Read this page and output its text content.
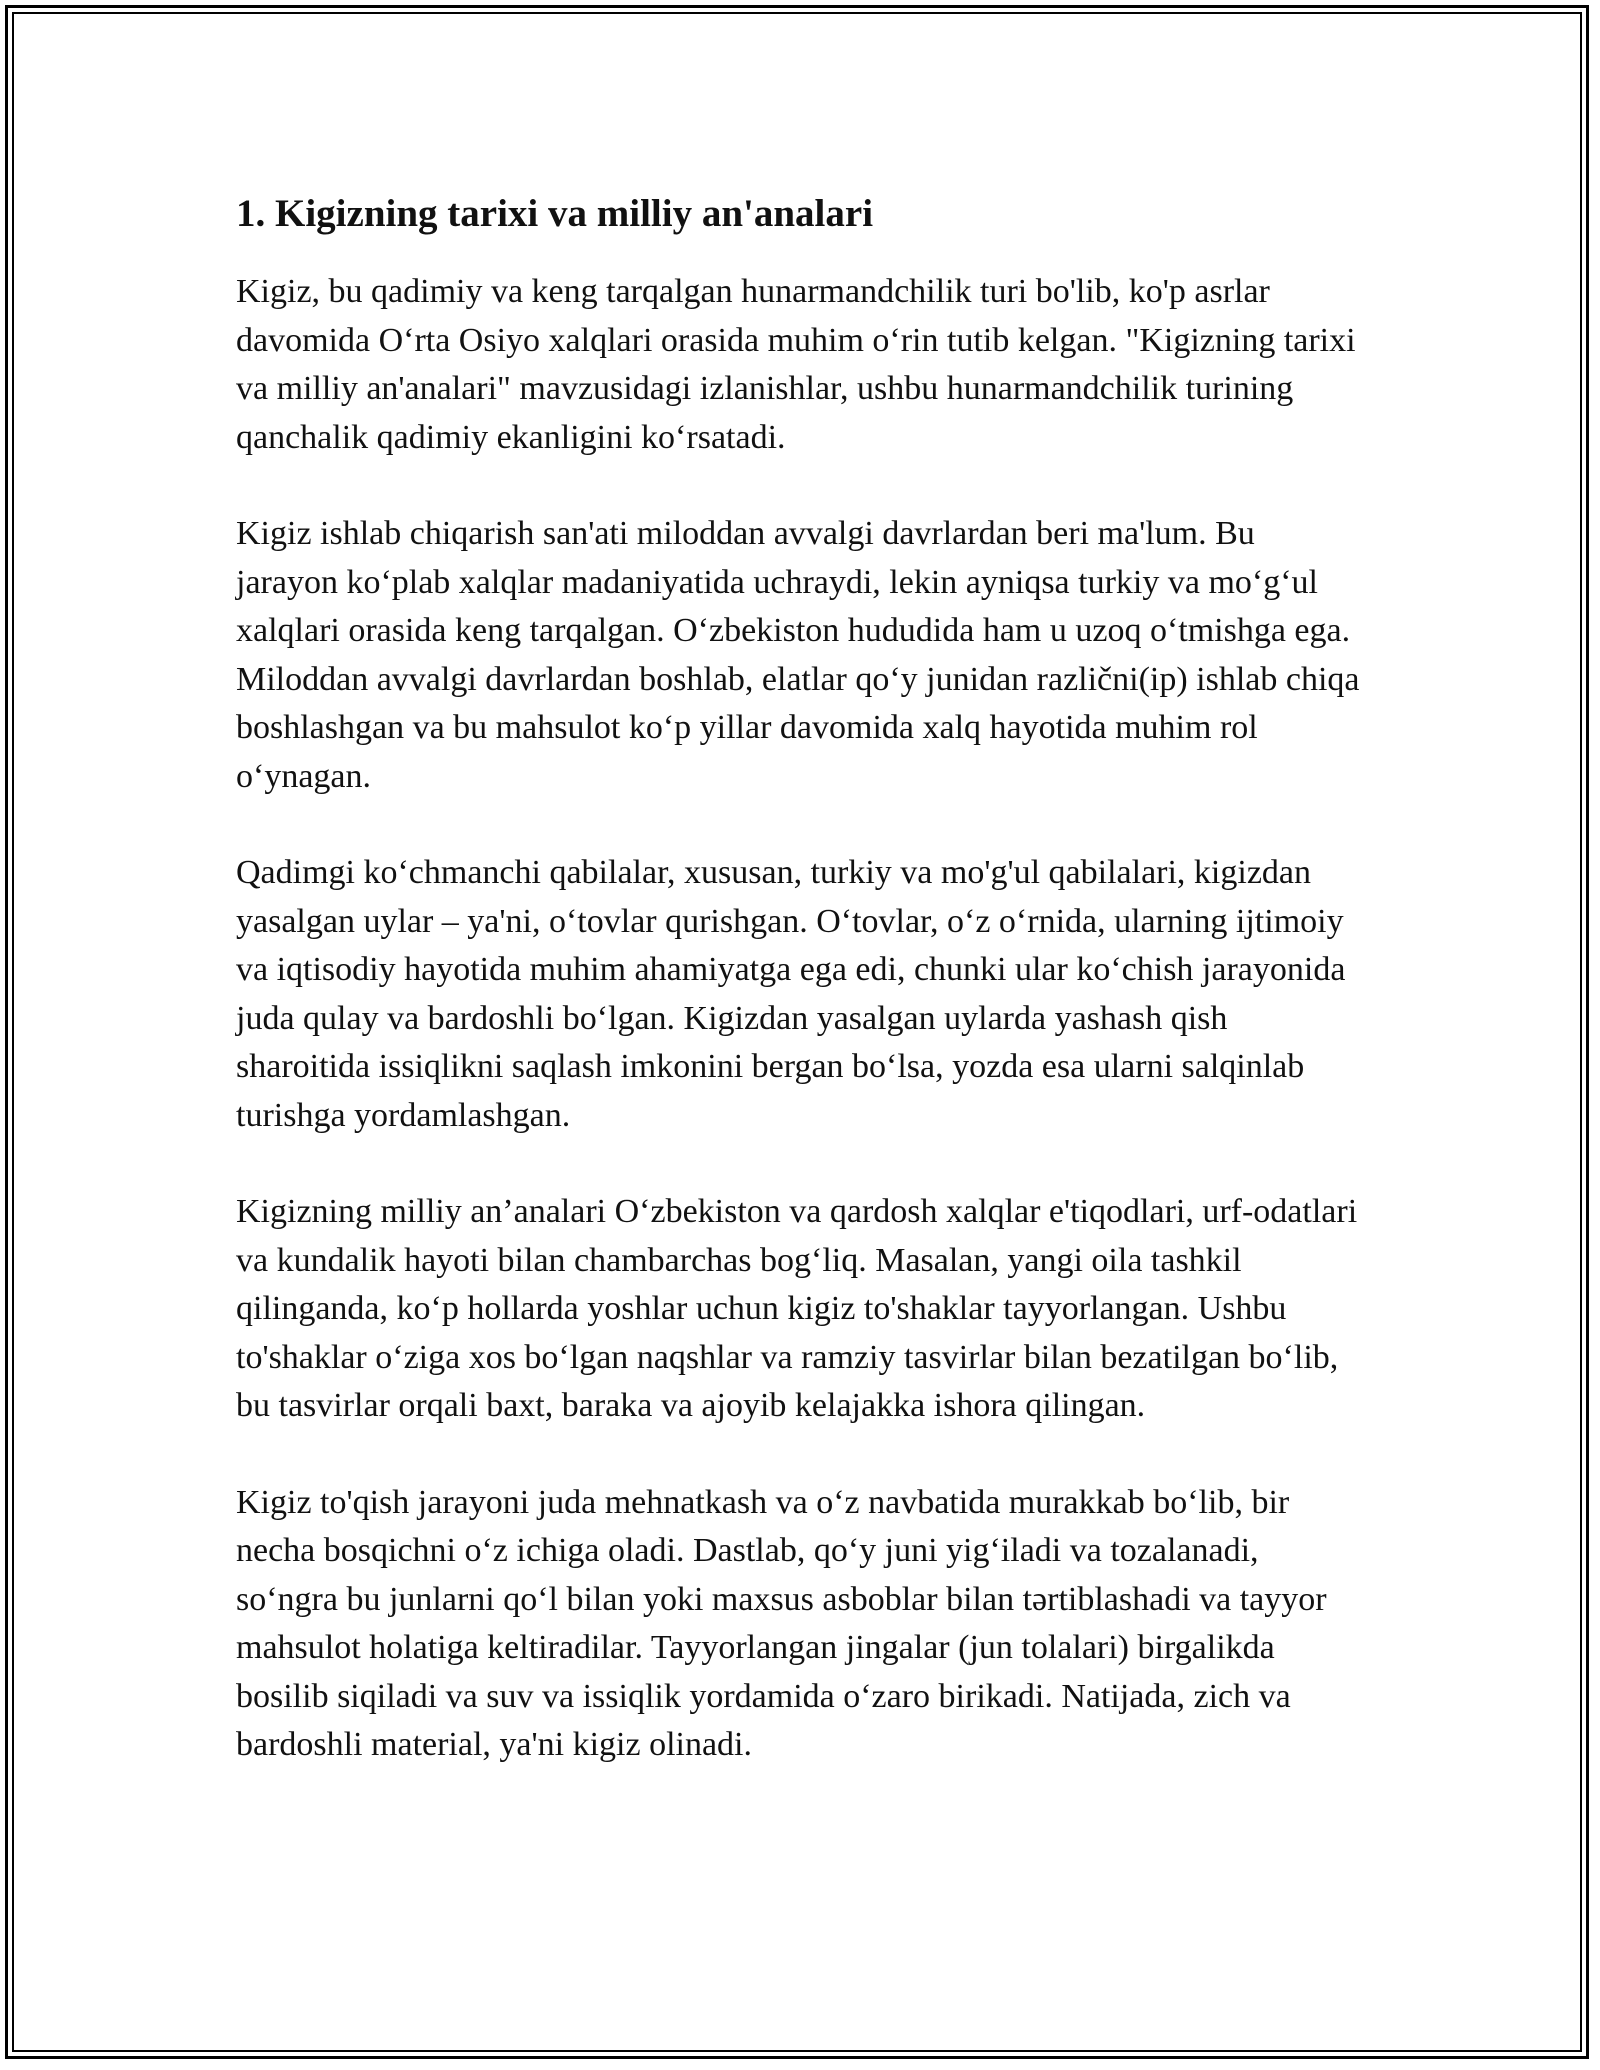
1. Kigizning tarixi va milliy an'analari

Kigiz, bu qadimiy va keng tarqalgan hunarmandchilik turi bo'lib, ko'p asrlar davomida Oʻrta Osiyo xalqlari orasida muhim oʻrin tutib kelgan. "Kigizning tarixi va milliy an'analari" mavzusidagi izlanishlar, ushbu hunarmandchilik turining qanchalik qadimiy ekanligini koʻrsatadi.

Kigiz ishlab chiqarish san'ati miloddan avvalgi davrlardan beri ma'lum. Bu jarayon koʻplab xalqlar madaniyatida uchraydi, lekin ayniqsa turkiy va moʻgʻul xalqlari orasida keng tarqalgan. Oʻzbekiston hududida ham u uzoq oʻtmishga ega. Miloddan avvalgi davrlardan boshlab, elatlar qoʻy junidan različni(ip) ishlab chiqa boshlashgan va bu mahsulot koʻp yillar davomida xalq hayotida muhim rol oʻynagan.

Qadimgi koʻchmanchi qabilalar, xususan, turkiy va mo'g'ul qabilalari, kigizdan yasalgan uylar – ya'ni, oʻtovlar qurishgan. Oʻtovlar, oʻz oʻrnida, ularning ijtimoiy va iqtisodiy hayotida muhim ahamiyatga ega edi, chunki ular koʻchish jarayonida juda qulay va bardoshli boʻlgan. Kigizdan yasalgan uylarda yashash qish sharoitida issiqlikni saqlash imkonini bergan boʻlsa, yozda esa ularni salqinlab turishga yordamlashgan.

Kigizning milliy an’analari Oʻzbekiston va qardosh xalqlar e'tiqodlari, urf-odatlari va kundalik hayoti bilan chambarchas bogʻliq. Masalan, yangi oila tashkil qilinganda, koʻp hollarda yoshlar uchun kigiz to'shaklar tayyorlangan. Ushbu to'shaklar oʻziga xos boʻlgan naqshlar va ramziy tasvirlar bilan bezatilgan boʻlib, bu tasvirlar orqali baxt, baraka va ajoyib kelajakka ishora qilingan.

Kigiz to'qish jarayoni juda mehnatkash va oʻz navbatida murakkab boʻlib, bir necha bosqichni oʻz ichiga oladi. Dastlab, qoʻy juni yigʻiladi va tozalanadi, soʻngra bu junlarni qoʻl bilan yoki maxsus asboblar bilan tərtiblashadi va tayyor mahsulot holatiga keltiradilar. Tayyorlangan jingalar (jun tolalari) birgalikda bosilib siqiladi va suv va issiqlik yordamida oʻzaro birikadi. Natijada, zich va bardoshli material, ya'ni kigiz olinadi.
